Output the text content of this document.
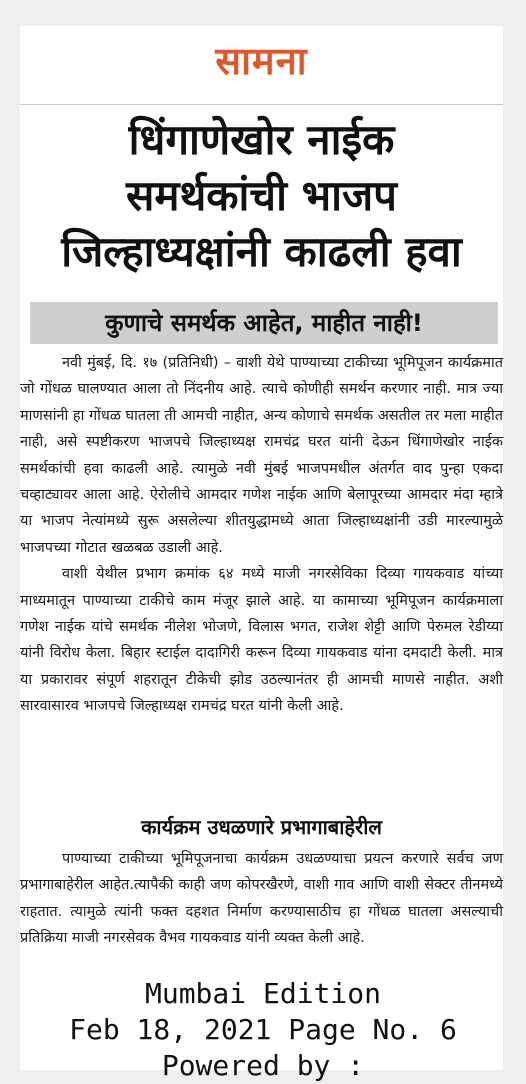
सामना
धिंगाणेखोर नाईक
समर्थकांची भाजप
जिल्हाध्यक्षांनी काढली हवा
कुणाचे समर्थक आहेत, माहीत नाही!

नवी मुंबई, दि. १७ (प्रतिनिधी) – वाशी येथे पाण्याच्या टाकीच्या भूमिपूजन कार्यक्रमात जो गोंधळ घालण्यात आला तो निंदनीय आहे. त्याचे कोणीही समर्थन करणार नाही. मात्र ज्या माणसांनी हा गोंधळ घातला ती आमची नाहीत, अन्य कोणाचे समर्थक असतील तर मला माहीत नाही, असे स्पष्टीकरण भाजपचे जिल्हाध्यक्ष रामचंद्र घरत यांनी देऊन धिंगाणेखोर नाईक समर्थकांची हवा काढली आहे. त्यामुळे नवी मुंबई भाजपमधील अंतर्गत वाद पुन्हा एकदा चव्हाट्यावर आला आहे. ऐरोलीचे आमदार गणेश नाईक आणि बेलापूरच्या आमदार मंदा म्हात्रे या भाजप नेत्यांमध्ये सुरू असलेल्या शीतयुद्धामध्ये आता जिल्हाध्यक्षांनी उडी मारल्यामुळे भाजपच्या गोटात खळबळ उडाली आहे.

वाशी येथील प्रभाग क्रमांक ६४ मध्ये माजी नगरसेविका दिव्या गायकवाड यांच्या माध्यमातून पाण्याच्या टाकीचे काम मंजूर झाले आहे. या कामाच्या भूमिपूजन कार्यक्रमाला गणेश नाईक यांचे समर्थक नीलेश भोजणे, विलास भगत, राजेश शेट्टी आणि पेरुमल रेडीय्या यांनी विरोध केला. बिहार स्टाईल दादागिरी करून दिव्या गायकवाड यांना दमदाटी केली. मात्र या प्रकारावर संपूर्ण शहरातून टीकेची झोड उठल्यानंतर ही आमची माणसे नाहीत. अशी सारवासारव भाजपचे जिल्हाध्यक्ष रामचंद्र घरत यांनी केली आहे.

कार्यक्रम उधळणारे प्रभागाबाहेरील

पाण्याच्या टाकीच्या भूमिपूजनाचा कार्यक्रम उधळण्याचा प्रयत्न करणारे सर्वच जण प्रभागाबाहेरील आहेत.त्यापैकी काही जण कोपरखैरणे, वाशी गाव आणि वाशी सेक्टर तीनमध्ये राहतात. त्यामुळे त्यांनी फक्त दहशत निर्माण करण्यासाठीच हा गोंधळ घातला असल्याची प्रतिक्रिया माजी नगरसेवक वैभव गायकवाड यांनी व्यक्त केली आहे.

Mumbai Edition
Feb 18, 2021 Page No. 6
Powered by :
